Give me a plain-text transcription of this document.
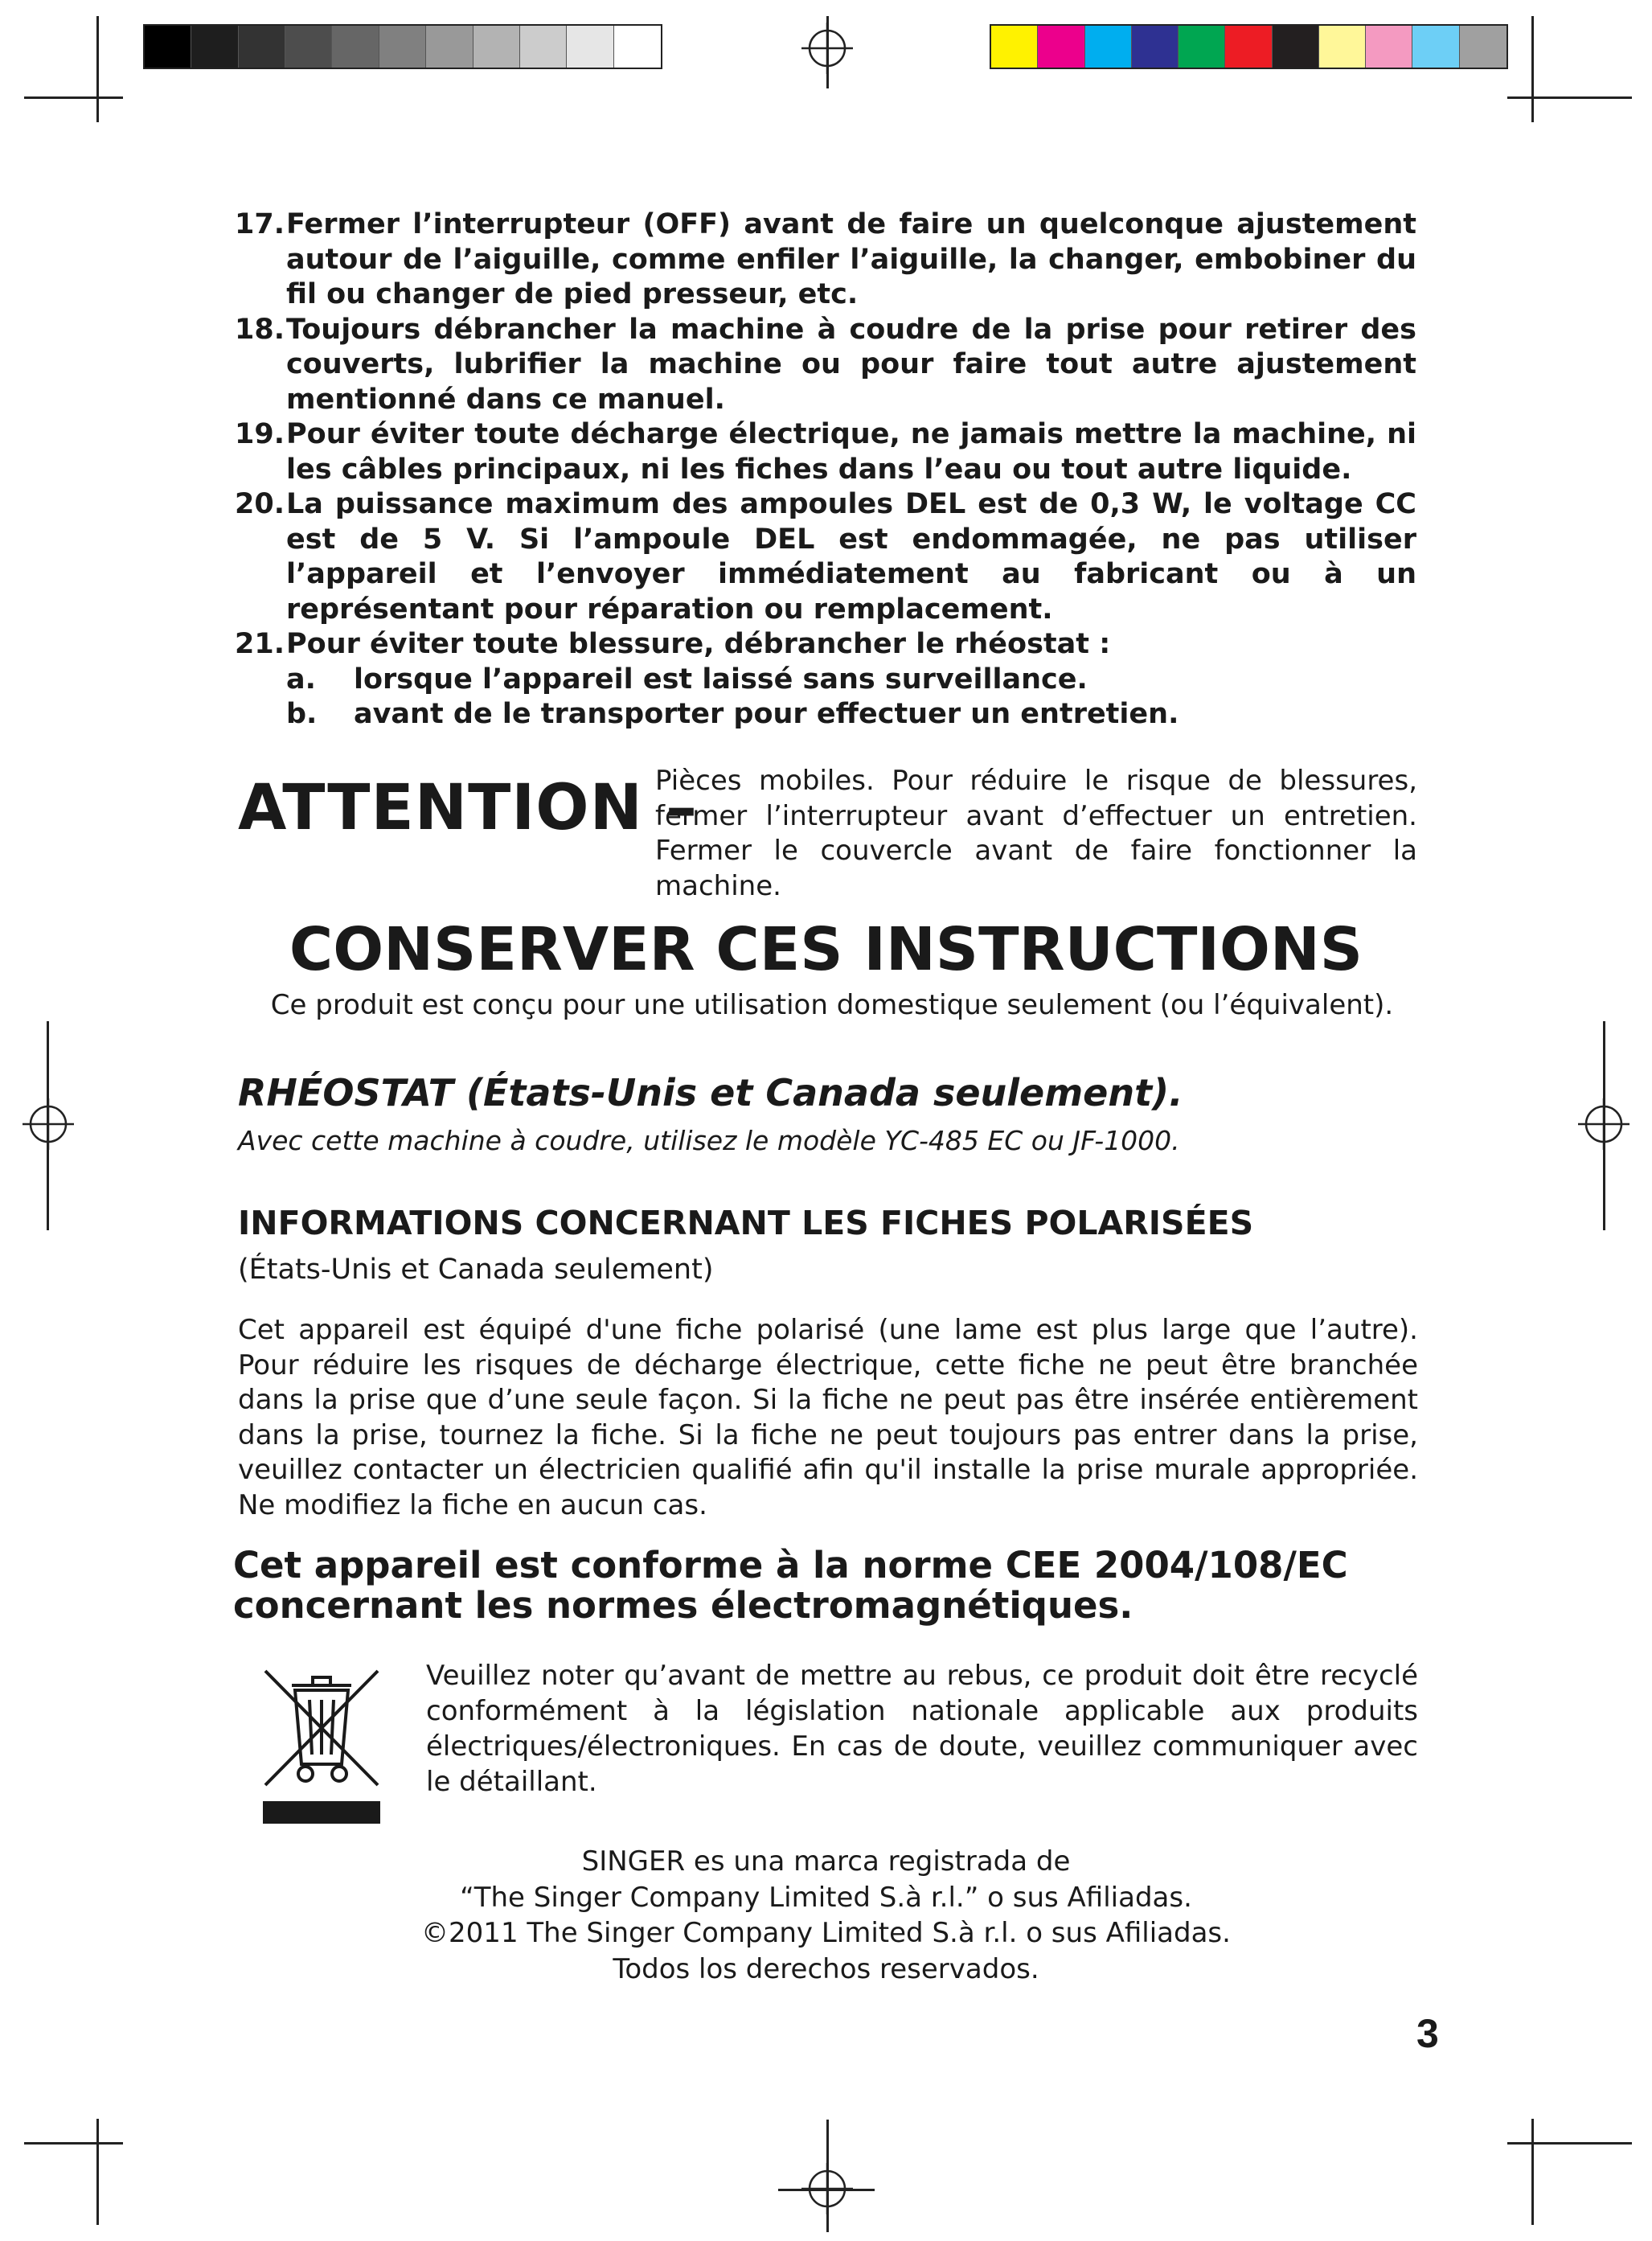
17. Fermer l’interrupteur (OFF) avant de faire un quelconque ajustement autour de l’aiguille, comme enfiler l’aiguille, la changer, embobiner du fil ou changer de pied presseur, etc.
18. Toujours débrancher la machine à coudre de la prise pour retirer des couverts, lubrifier la machine ou pour faire tout autre ajustement mentionné dans ce manuel.
19. Pour éviter toute décharge électrique, ne jamais mettre la machine, ni les câbles principaux, ni les fiches dans l’eau ou tout autre liquide.
20. La puissance maximum des ampoules DEL est de 0,3 W, le voltage CC est de 5 V. Si l’ampoule DEL est endommagée, ne pas utiliser l’appareil et l’envoyer immédiatement au fabricant ou à un représentant pour réparation ou remplacement.
21. Pour éviter toute blessure, débrancher le rhéostat :
a.	lorsque l’appareil est laissé sans surveillance.
b.	avant de le transporter pour effectuer un entretien.
ATTENTION –
Pièces mobiles. Pour réduire le risque de blessures, fermer l’interrupteur avant d’effectuer un entretien. Fermer le couvercle avant de faire fonctionner la machine.
CONSERVER CES INSTRUCTIONS
Ce produit est conçu pour une utilisation domestique seulement (ou l’équivalent).
RHÉOSTAT (États-Unis et Canada seulement).
Avec cette machine à coudre, utilisez le modèle YC-485 EC ou JF-1000.
INFORMATIONS CONCERNANT LES FICHES POLARISÉES
(États-Unis et Canada seulement)
Cet appareil est équipé d'une fiche polarisé (une lame est plus large que l’autre). Pour réduire les risques de décharge électrique, cette fiche ne peut être branchée dans la prise que d’une seule façon. Si la fiche ne peut pas être insérée entièrement dans la prise, tournez la fiche. Si la fiche ne peut toujours pas entrer dans la prise, veuillez contacter un électricien qualifié afin qu'il installe la prise murale appropriée. Ne modifiez la fiche en aucun cas.
Cet appareil est conforme à la norme CEE 2004/108/EC
concernant les normes électromagnétiques.
Veuillez noter qu’avant de mettre au rebus, ce produit doit être recyclé conformément à la législation nationale applicable aux produits électriques/électroniques. En cas de doute, veuillez communiquer avec le détaillant.
SINGER es una marca registrada de
“The Singer Company Limited S.à r.l.” o sus Afiliadas.
©2011 The Singer Company Limited S.à r.l. o sus Afiliadas.
Todos los derechos reservados.
3
